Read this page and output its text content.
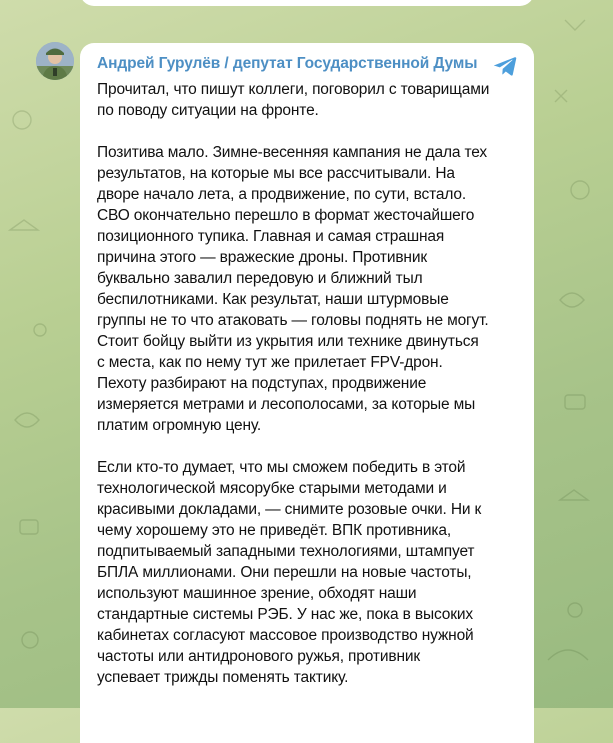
Андрей Гурулёв / депутат Государственной Думы

Прочитал, что пишут коллеги, поговорил с товарищами
по поводу ситуации на фронте.

Позитива мало. Зимне-весенняя кампания не дала тех
результатов, на которые мы все рассчитывали. На
дворе начало лета, а продвижение, по сути, встало.
СВО окончательно перешло в формат жесточайшего
позиционного тупика. Главная и самая страшная
причина этого — вражеские дроны. Противник
буквально завалил передовую и ближний тыл
беспилотниками. Как результат, наши штурмовые
группы не то что атаковать — головы поднять не могут.
Стоит бойцу выйти из укрытия или технике двинуться
с места, как по нему тут же прилетает FPV-дрон.
Пехоту разбирают на подступах, продвижение
измеряется метрами и лесополосами, за которые мы
платим огромную цену.

Если кто-то думает, что мы сможем победить в этой
технологической мясорубке старыми методами и
красивыми докладами, — снимите розовые очки. Ни к
чему хорошему это не приведёт. ВПК противника,
подпитываемый западными технологиями, штампует
БПЛА миллионами. Они перешли на новые частоты,
используют машинное зрение, обходят наши
стандартные системы РЭБ. У нас же, пока в высоких
кабинетах согласуют массовое производство нужной
частоты или антидронового ружья, противник
успевает трижды поменять тактику.
